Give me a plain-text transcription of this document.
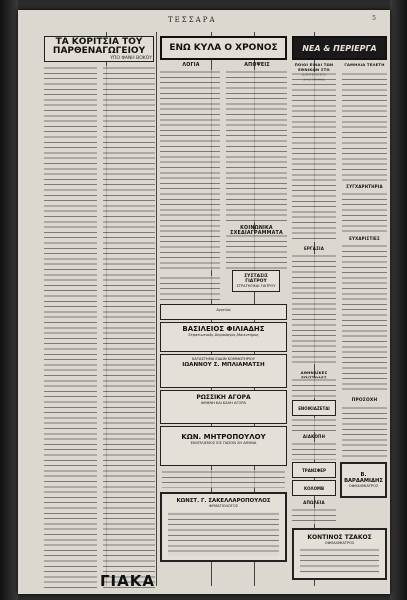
ΤΕΣΣΑΡΑ	5
ΤΑ ΚΟΡΙΤΣΙΑ ΤΟΥ ΠΑΡΘΕΝΑΓΩΓΕΙΟΥ
ΥΠΟ ΦΑΝΗ ΒΟΚΟΥ
ΓΙΑΚΑ
ΕΝΩ ΚΥΛΑ Ο ΧΡΟΝΟΣ
ΛΟΓΙΑ	ΑΠΟΨΕΙΣ
ΚΟΙΝΩΝΙΚΑ
ΣΥΣΤΑΣΙΣ ΓΙΑΤΡΟΥ
ΣΤΡΑΤΗΓΙΚΑΙ ΓΙΑΤΡΟΥ
Αγγελία
ΒΑΣΙΛΕΙΟΣ ΦΙΛΙΑΔΗΣ
Στρατιωτικός-Χειρούργος-Μαιευτήρος
ΚΑΤΑΣΤΗΜΑ ΕΙΔΩΝ ΚΟΜΜΩΤΗΡΙΟΥ
ΙΩΑΝΝΟΥ Σ. ΜΠΛΙΑΜΑΤΣΗ
ΡΩΣΣΙΚΗ ΑΓΟΡΑ
ΦΘΗΝΗ ΚΑΙ ΚΑΛΗ ΑΓΟΡΑ
ΚΩΝ. ΜΗΤΡΟΠΟΥΛΟΥ
ΕΝΟΠΛΙΣΜΟΣ ΕΙΣ ΠΑΣΟΝ ΣΗ ΑΘΗΝΑ
ΚΩΝΣΤ. Γ. ΣΑΚΕΛΛΑΡΟΠΟΥΛΟΣ
ΦΥΜΑΤΙΟΛΟΓΟΣ
ΝΕΑ & ΠΕΡΙΕΡΓΑ
ΠΟΙΟΙ ΕΙΝΑΙ ΤΩΝ ΕΘΝΙΚΩΝ ΣΤΟ
ΓΑΜΗΛΙΑ ΤΕΛΕΤΗ
ΣΥΓΧΑΡΗΤΗΡΙΑ
ΕΡΓΑΣΙΑ
ΕΥΧΑΡΙΣΤΙΕΣ
ΑΘΗΝΑΪΚΕΣ
ΕΝΟΙΚΙΑΖΕΤΑΙ
ΔΙΑΚΟΠΗ
ΠΡΟΣΟΧΗ
ΤΡΑΝΣΦΕΡ
ΚΟΛΟΜΒ
ΑΠΩΛΕΙΑ
Β. ΒΑΡΔΑΜΙΔΗΣ
ΟΦΘΑΛΜΙΑΤΡΟΣ
ΚΟΝΤΙΝΟΣ ΤΖΑΚΟΣ
ΟΦΘΑΛΜΙΑΤΡΟΣ
